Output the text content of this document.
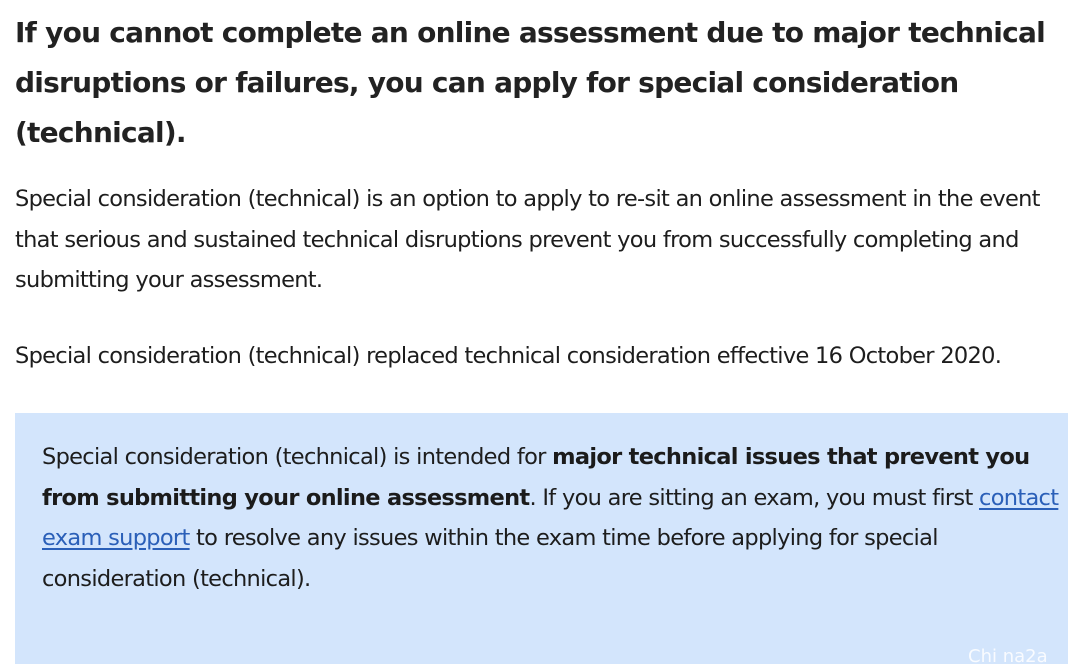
If you cannot complete an online assessment due to major technical disruptions or failures, you can apply for special consideration (technical).

Special consideration (technical) is an option to apply to re-sit an online assessment in the event that serious and sustained technical disruptions prevent you from successfully completing and submitting your assessment.

Special consideration (technical) replaced technical consideration effective 16 October 2020.

Special consideration (technical) is intended for major technical issues that prevent you from submitting your online assessment. If you are sitting an exam, you must first contact exam support to resolve any issues within the exam time before applying for special consideration (technical).

Chi na2a
